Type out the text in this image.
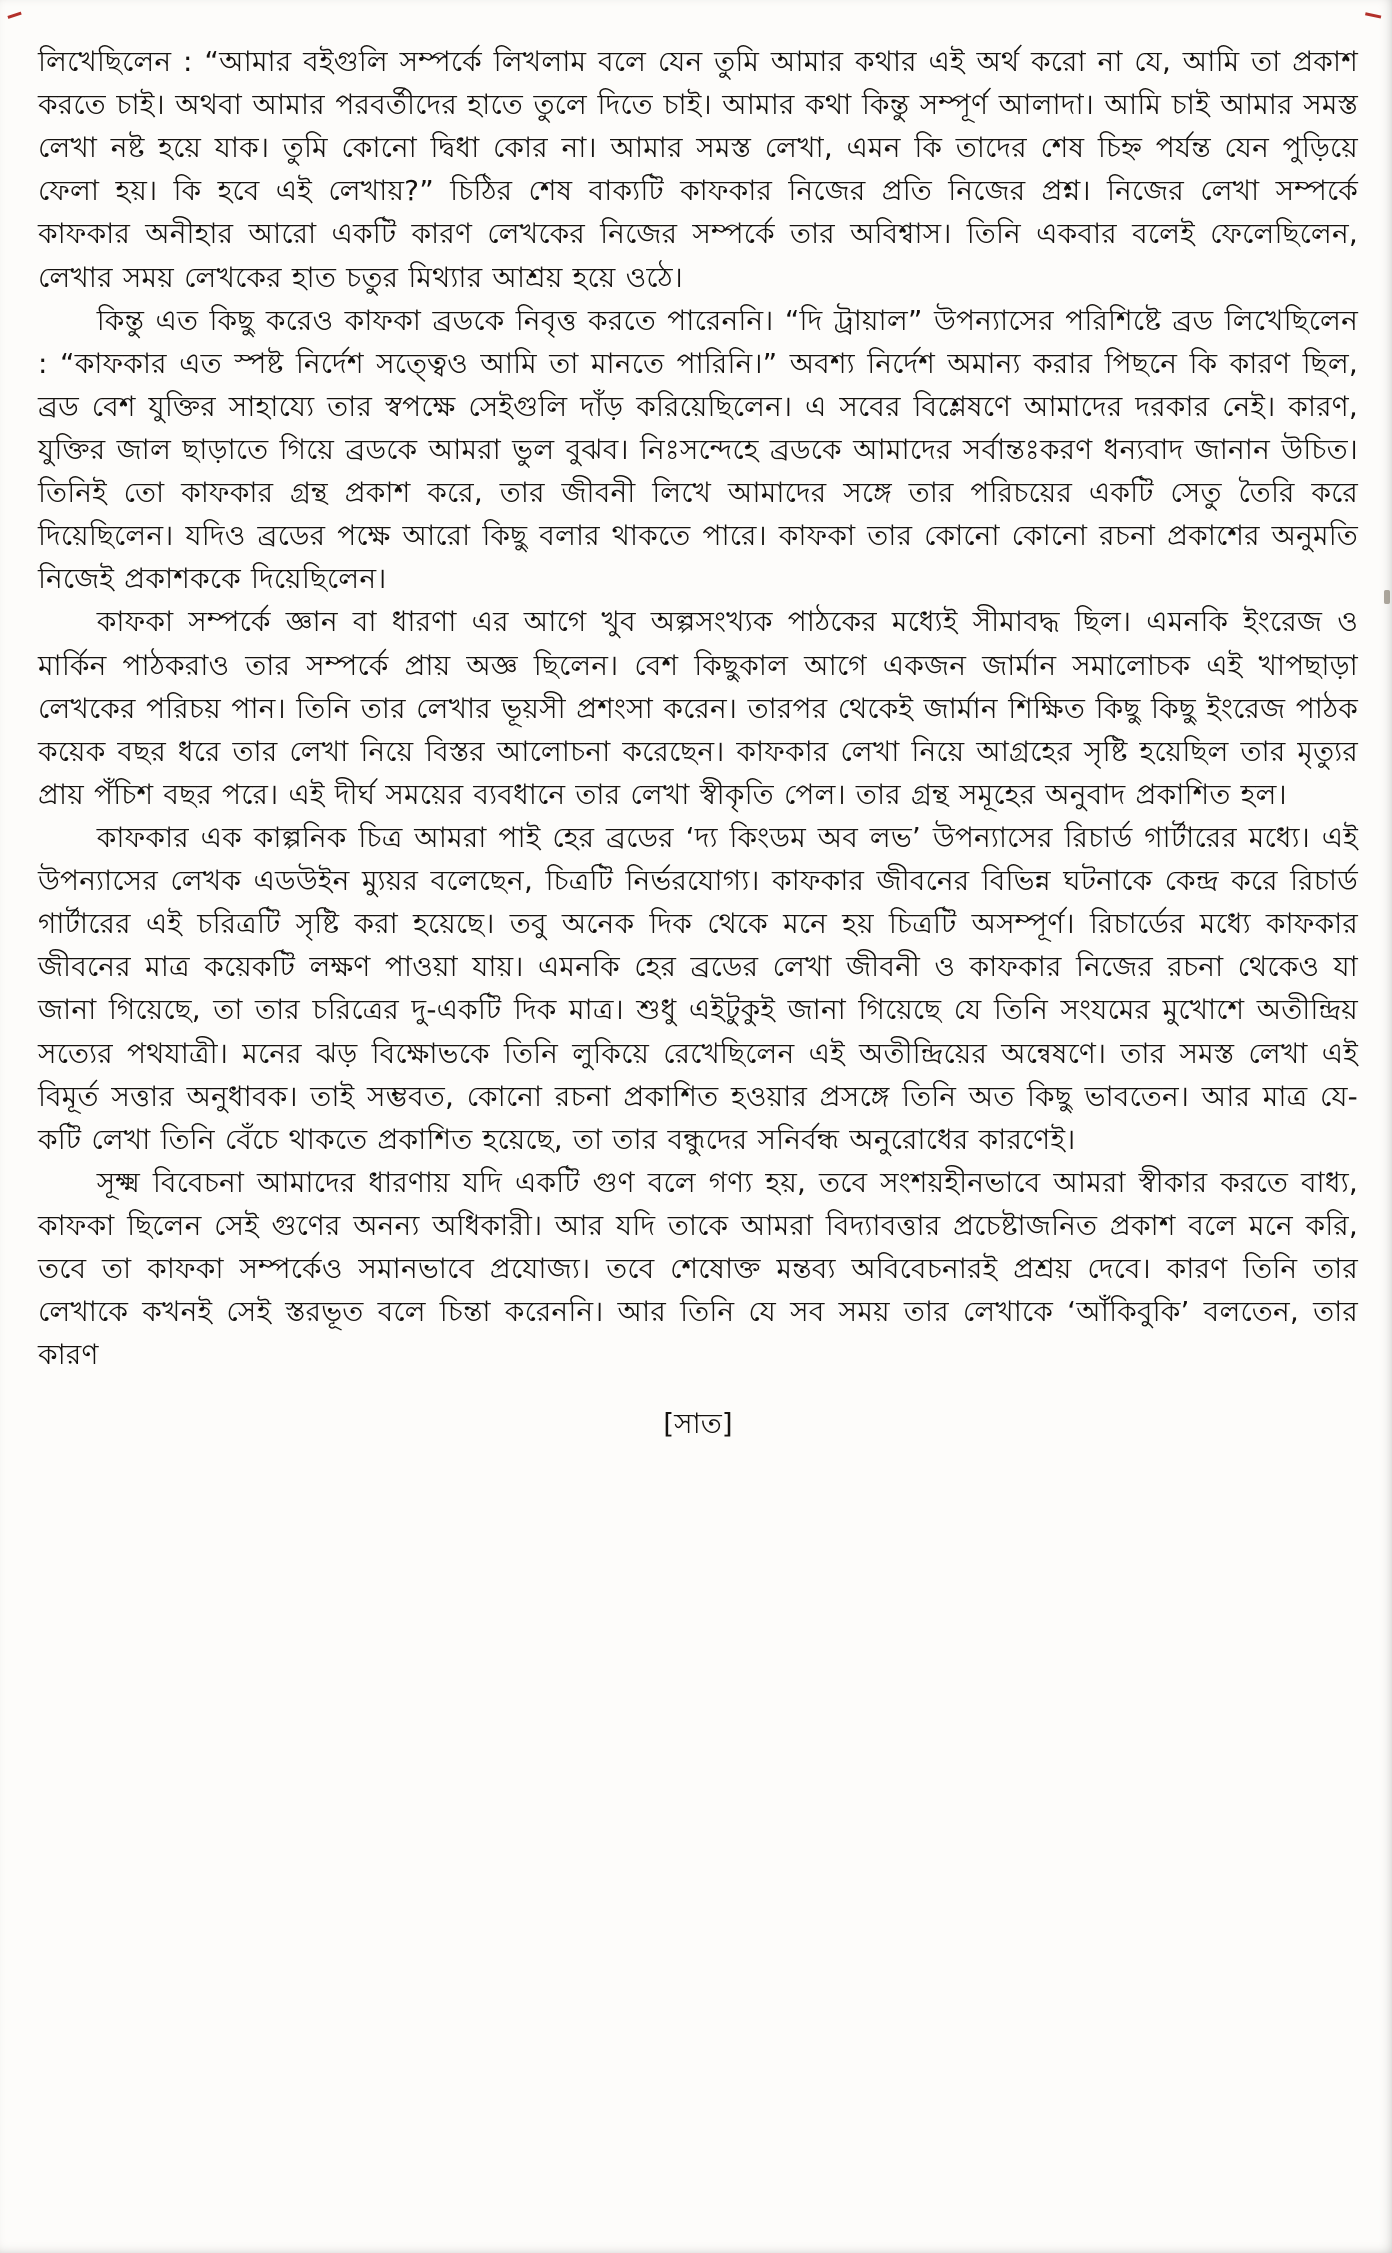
লিখেছিলেন : “আমার বইগুলি সম্পর্কে লিখলাম বলে যেন তুমি আমার কথার এই অর্থ করো না যে, আমি তা প্রকাশ করতে চাই। অথবা আমার পরবর্তীদের হাতে তুলে দিতে চাই। আমার কথা কিন্তু সম্পূর্ণ আলাদা। আমি চাই আমার সমস্ত লেখা নষ্ট হয়ে যাক। তুমি কোনো দ্বিধা কোর না। আমার সমস্ত লেখা, এমন কি তাদের শেষ চিহ্ন পর্যন্ত যেন পুড়িয়ে ফেলা হয়। কি হবে এই লেখায়?” চিঠির শেষ বাক্যটি কাফকার নিজের প্রতি নিজের প্রশ্ন। নিজের লেখা সম্পর্কে কাফকার অনীহার আরো একটি কারণ লেখকের নিজের সম্পর্কে তার অবিশ্বাস। তিনি একবার বলেই ফেলেছিলেন, লেখার সময় লেখকের হাত চতুর মিথ্যার আশ্রয় হয়ে ওঠে।

কিন্তু এত কিছু করেও কাফকা ব্রডকে নিবৃত্ত করতে পারেননি। “দি ট্রায়াল” উপন্যাসের পরিশিষ্টে ব্রড লিখেছিলেন : “কাফকার এত স্পষ্ট নির্দেশ সত্ত্বেও আমি তা মানতে পারিনি।” অবশ্য নির্দেশ অমান্য করার পিছনে কি কারণ ছিল, ব্রড বেশ যুক্তির সাহায্যে তার স্বপক্ষে সেইগুলি দাঁড় করিয়েছিলেন। এ সবের বিশ্লেষণে আমাদের দরকার নেই। কারণ, যুক্তির জাল ছাড়াতে গিয়ে ব্রডকে আমরা ভুল বুঝব। নিঃসন্দেহে ব্রডকে আমাদের সর্বান্তঃকরণ ধন্যবাদ জানান উচিত। তিনিই তো কাফকার গ্রন্থ প্রকাশ করে, তার জীবনী লিখে আমাদের সঙ্গে তার পরিচয়ের একটি সেতু তৈরি করে দিয়েছিলেন। যদিও ব্রডের পক্ষে আরো কিছু বলার থাকতে পারে। কাফকা তার কোনো কোনো রচনা প্রকাশের অনুমতি নিজেই প্রকাশককে দিয়েছিলেন।

কাফকা সম্পর্কে জ্ঞান বা ধারণা এর আগে খুব অল্পসংখ্যক পাঠকের মধ্যেই সীমাবদ্ধ ছিল। এমনকি ইংরেজ ও মার্কিন পাঠকরাও তার সম্পর্কে প্রায় অজ্ঞ ছিলেন। বেশ কিছুকাল আগে একজন জার্মান সমালোচক এই খাপছাড়া লেখকের পরিচয় পান। তিনি তার লেখার ভূয়সী প্রশংসা করেন। তারপর থেকেই জার্মান শিক্ষিত কিছু কিছু ইংরেজ পাঠক কয়েক বছর ধরে তার লেখা নিয়ে বিস্তর আলোচনা করেছেন। কাফকার লেখা নিয়ে আগ্রহের সৃষ্টি হয়েছিল তার মৃত্যুর প্রায় পঁচিশ বছর পরে। এই দীর্ঘ সময়ের ব্যবধানে তার লেখা স্বীকৃতি পেল। তার গ্রন্থ সমূহের অনুবাদ প্রকাশিত হল।

কাফকার এক কাল্পনিক চিত্র আমরা পাই হের ব্রডের ‘দ্য কিংডম অব লভ’ উপন্যাসের রিচার্ড গার্টারের মধ্যে। এই উপন্যাসের লেখক এডউইন ম্যুয়র বলেছেন, চিত্রটি নির্ভরযোগ্য। কাফকার জীবনের বিভিন্ন ঘটনাকে কেন্দ্র করে রিচার্ড গার্টারের এই চরিত্রটি সৃষ্টি করা হয়েছে। তবু অনেক দিক থেকে মনে হয় চিত্রটি অসম্পূর্ণ। রিচার্ডের মধ্যে কাফকার জীবনের মাত্র কয়েকটি লক্ষণ পাওয়া যায়। এমনকি হের ব্রডের লেখা জীবনী ও কাফকার নিজের রচনা থেকেও যা জানা গিয়েছে, তা তার চরিত্রের দু-একটি দিক মাত্র। শুধু এইটুকুই জানা গিয়েছে যে তিনি সংযমের মুখোশে অতীন্দ্রিয় সত্যের পথযাত্রী। মনের ঝড় বিক্ষোভকে তিনি লুকিয়ে রেখেছিলেন এই অতীন্দ্রিয়ের অন্বেষণে। তার সমস্ত লেখা এই বিমূর্ত সত্তার অনুধাবক। তাই সম্ভবত, কোনো রচনা প্রকাশিত হওয়ার প্রসঙ্গে তিনি অত কিছু ভাবতেন। আর মাত্র যে-কটি লেখা তিনি বেঁচে থাকতে প্রকাশিত হয়েছে, তা তার বন্ধুদের সনির্বন্ধ অনুরোধের কারণেই।

সূক্ষ্ম বিবেচনা আমাদের ধারণায় যদি একটি গুণ বলে গণ্য হয়, তবে সংশয়হীনভাবে আমরা স্বীকার করতে বাধ্য, কাফকা ছিলেন সেই গুণের অনন্য অধিকারী। আর যদি তাকে আমরা বিদ্যাবত্তার প্রচেষ্টাজনিত প্রকাশ বলে মনে করি, তবে তা কাফকা সম্পর্কেও সমানভাবে প্রযোজ্য। তবে শেষোক্ত মন্তব্য অবিবেচনারই প্রশ্রয় দেবে। কারণ তিনি তার লেখাকে কখনই সেই স্তরভূত বলে চিন্তা করেননি। আর তিনি যে সব সময় তার লেখাকে ‘আঁকিবুকি’ বলতেন, তার কারণ

[সাত]
